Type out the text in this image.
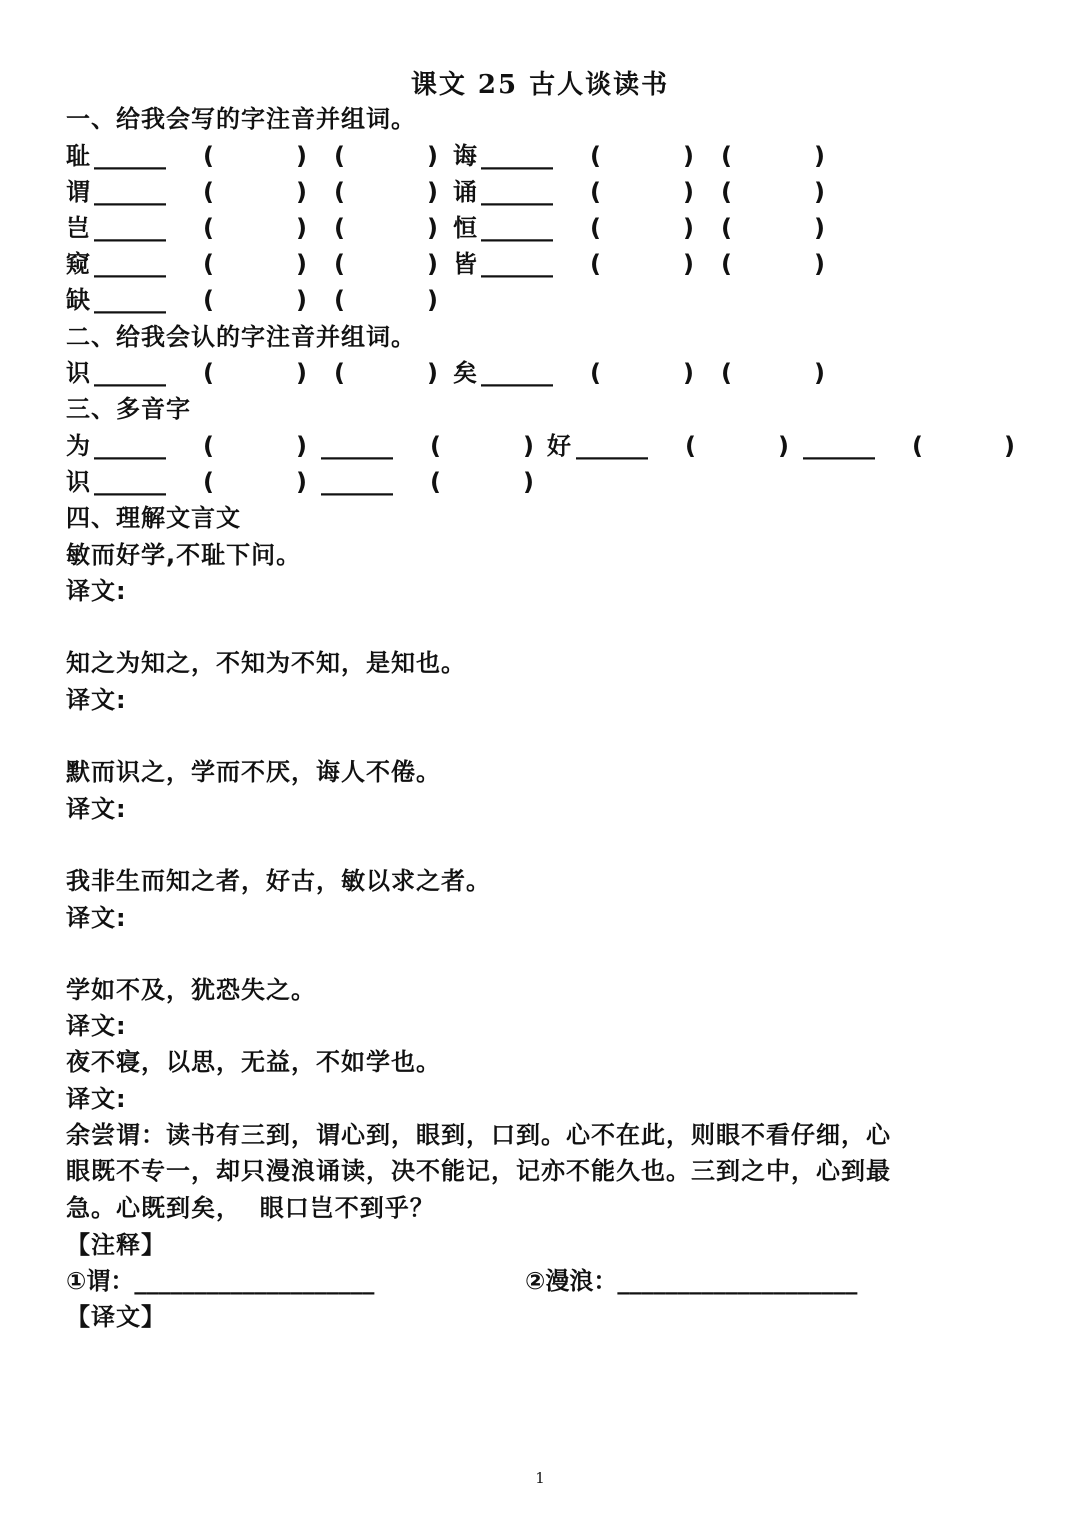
课文 25 古人谈读书
一、给我会写的字注音并组词。
耻 ______ (	) (	) 诲 ______ (	) (	)
谓 ______ (	) (	) 诵 ______ (	) (	)
岂 ______ (	) (	) 恒 ______ (	) (	)
窥 ______ (	) (	) 皆 ______ (	) (	)
缺 ______ (	) (	)
二、给我会认的字注音并组词。
识 ______ (	) (	) 矣 ______ (	) (	)
三、多音字
为 ______ (	) ______ (	) 好 ______ (	) ______ (	)
识 ______ (	) ______ (	)
四、理解文言文
敏而好学,不耻下问。
译文:
知之为知之，不知为不知，是知也。
译文:
默而识之，学而不厌，诲人不倦。
译文:
我非生而知之者，好古，敏以求之者。
译文:
学如不及，犹恐失之。
译文:
夜不寝，以思，无益，不如学也。
译文:
余尝谓：读书有三到，谓心到，眼到，口到。心不在此，则眼不看仔细，心
眼既不专一，却只漫浪诵读，决不能记，记亦不能久也。三到之中，心到最
急。心既到矣，  眼口岂不到乎？
【注释】
①谓：____________________	②漫浪：____________________
【译文】
1
